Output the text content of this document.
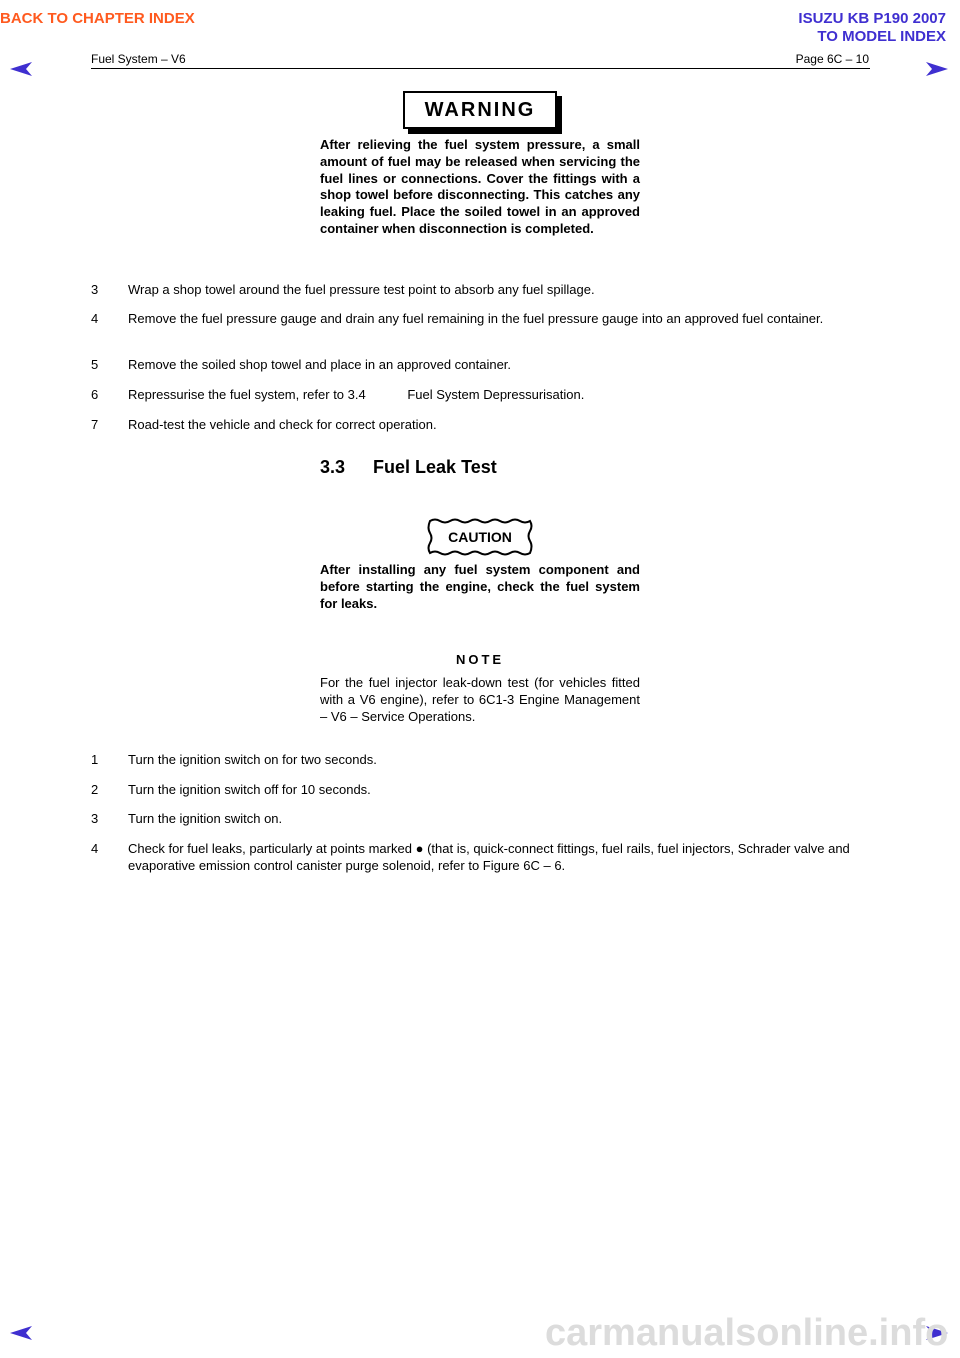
BACK TO CHAPTER INDEX	ISUZU KB P190 2007
TO MODEL INDEX
Fuel System – V6	Page 6C – 10
WARNING
After relieving the fuel system pressure, a small amount of fuel may be released when servicing the fuel lines or connections. Cover the fittings with a shop towel before disconnecting. This catches any leaking fuel. Place the soiled towel in an approved container when disconnection is completed.
3 Wrap a shop towel around the fuel pressure test point to absorb any fuel spillage.
4 Remove the fuel pressure gauge and drain any fuel remaining in the fuel pressure gauge into an approved fuel container.
5 Remove the soiled shop towel and place in an approved container.
6 Repressurise the fuel system, refer to 3.4	Fuel System Depressurisation.
7 Road-test the vehicle and check for correct operation.
3.3 Fuel Leak Test
CAUTION
After installing any fuel system component and before starting the engine, check the fuel system for leaks.
NOTE
For the fuel injector leak-down test (for vehicles fitted with a V6 engine), refer to 6C1-3 Engine Management – V6 – Service Operations.
1 Turn the ignition switch on for two seconds.
2 Turn the ignition switch off for 10 seconds.
3 Turn the ignition switch on.
4 Check for fuel leaks, particularly at points marked ● (that is, quick-connect fittings, fuel rails, fuel injectors, Schrader valve and evaporative emission control canister purge solenoid, refer to Figure 6C – 6.
carmanualsonline.info
